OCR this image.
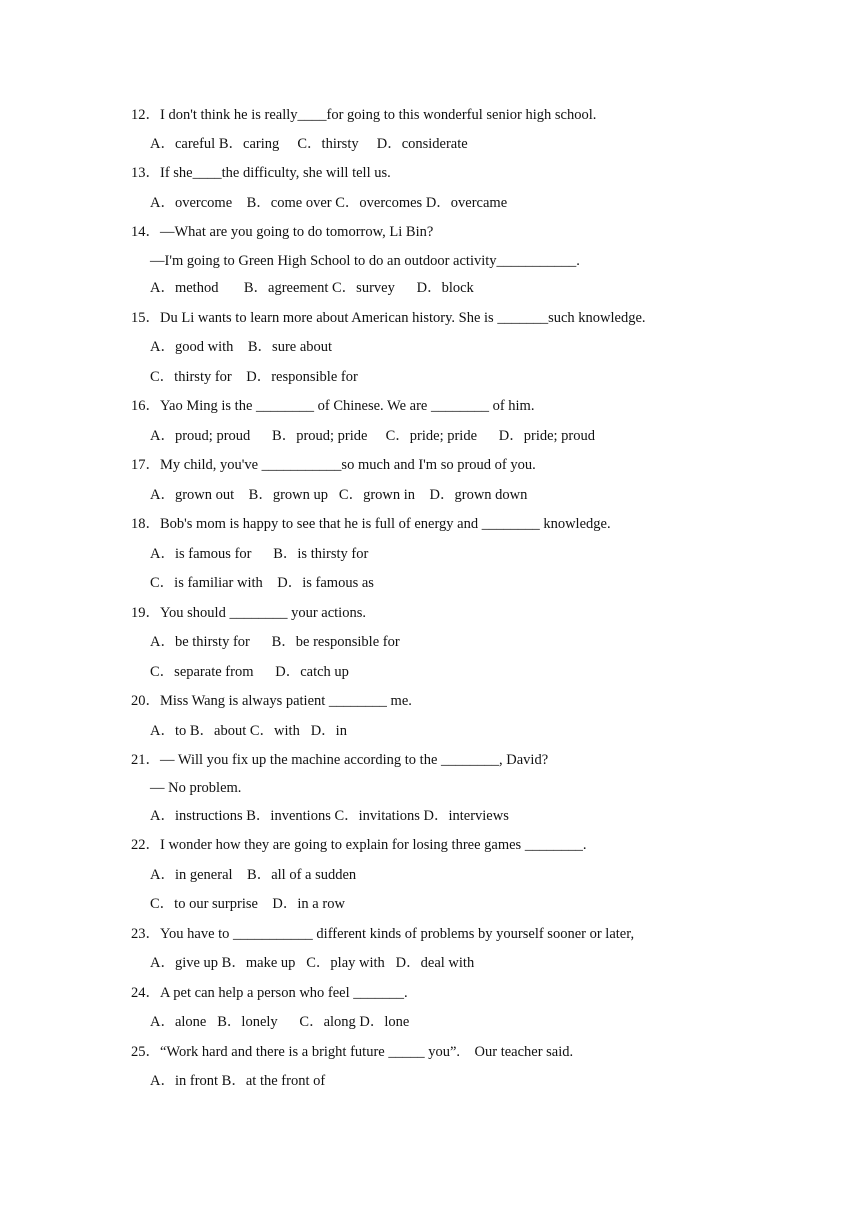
12．I don't think he is really____for going to this wonderful senior high school.
A．careful B．caring     C．thirsty     D．considerate
13．If she____the difficulty, she will tell us.
A．overcome    B．come over C．overcomes D．overcame
14．—What are you going to do tomorrow, Li Bin?
—I'm going to Green High School to do an outdoor activity___________.
A．method       B．agreement C．survey      D．block
15．Du Li wants to learn more about American history. She is _______such knowledge.
A．good with    B．sure about
C．thirsty for    D．responsible for
16．Yao Ming is the ________ of Chinese. We are ________ of him.
A．proud; proud      B．proud; pride     C．pride; pride      D．pride; proud
17．My child, you've ___________so much and I'm so proud of you.
A．grown out    B．grown up   C．grown in    D．grown down
18．Bob's mom is happy to see that he is full of energy and ________ knowledge.
A．is famous for      B．is thirsty for
C．is familiar with    D．is famous as
19．You should ________ your actions.
A．be thirsty for      B．be responsible for
C．separate from      D．catch up
20．Miss Wang is always patient ________ me.
A．to B．about C．with   D．in
21．— Will you fix up the machine according to the ________, David?
— No problem.
A．instructions B．inventions C．invitations D．interviews
22．I wonder how they are going to explain for losing three games ________.
A．in general    B．all of a sudden
C．to our surprise    D．in a row
23．You have to ___________ different kinds of problems by yourself sooner or later,
A．give up B．make up   C．play with   D．deal with
24．A pet can help a person who feel _______.
A．alone   B．lonely      C．along D．lone
25．“Work hard and there is a bright future _____ you”.    Our teacher said.
A．in front B．at the front of
